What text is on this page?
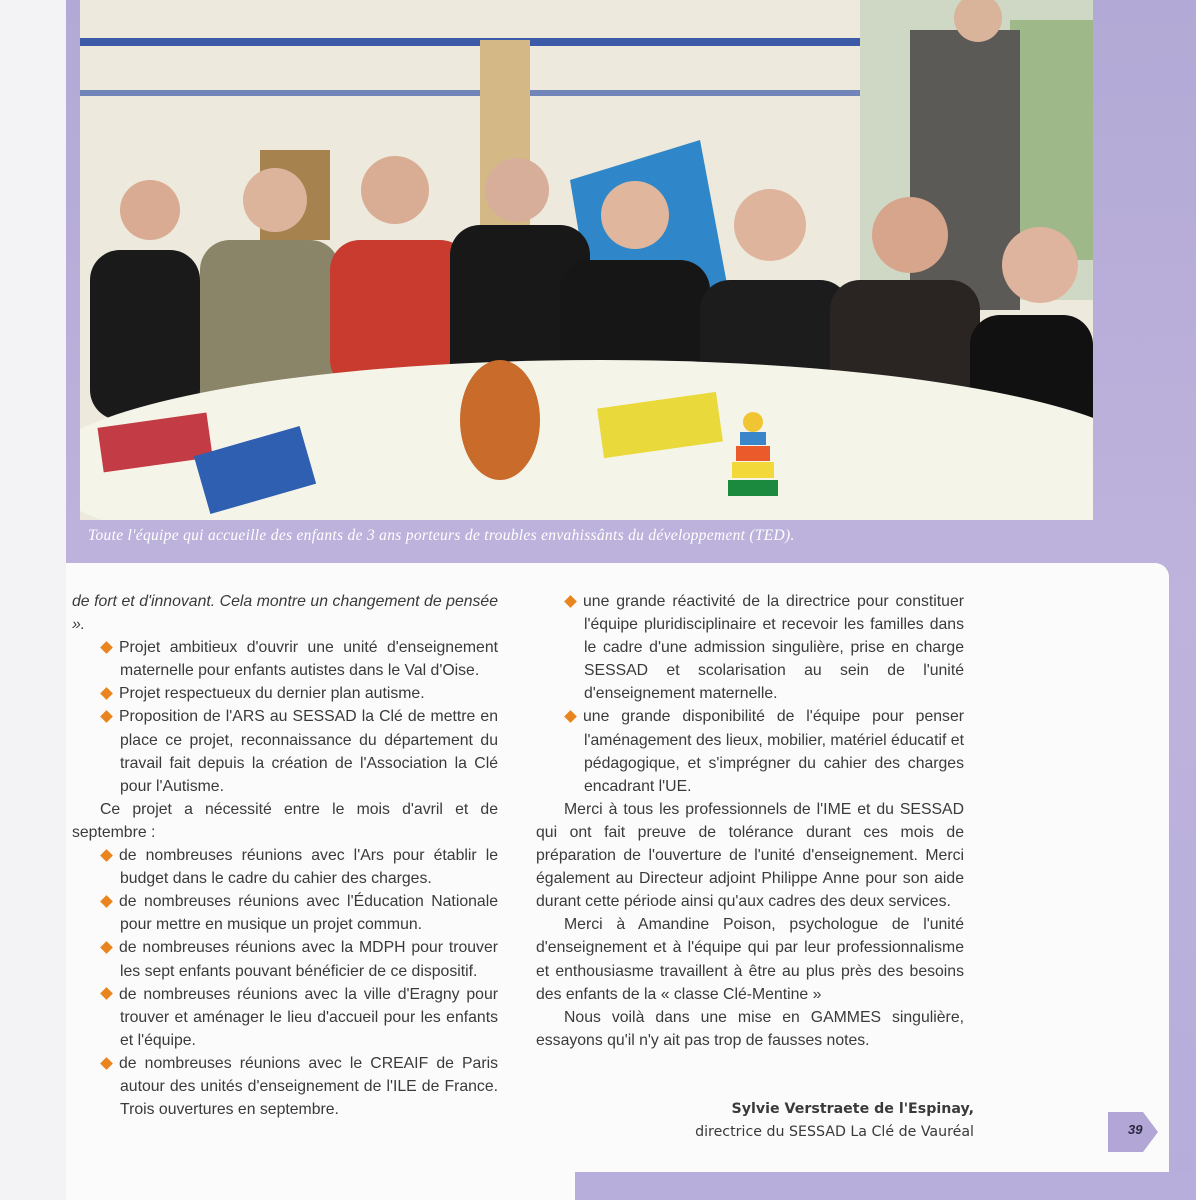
Toute l'équipe qui accueille des enfants de 3 ans porteurs de troubles envahissânts du développement (TED).
39

de fort et d'innovant. Cela montre un changement de pensée ».

Projet ambitieux d'ouvrir une unité d'enseignement maternelle pour enfants autistes dans le Val d'Oise.

Projet respectueux du dernier plan autisme.

Proposition de l'ARS au SESSAD la Clé de mettre en place ce projet, reconnaissance du département du travail fait depuis la création de l'Association la Clé pour l'Autisme.

Ce projet a nécessité entre le mois d'avril et de septembre :

de nombreuses réunions avec l'Ars pour établir le budget dans le cadre du cahier des charges.

de nombreuses réunions avec l'Éducation Nationale pour mettre en musique un projet commun.

de nombreuses réunions avec la MDPH pour trouver les sept enfants pouvant bénéficier de ce dispositif.

de nombreuses réunions avec la ville d'Eragny pour trouver et aménager le lieu d'accueil pour les enfants et l'équipe.

de nombreuses réunions avec le CREAIF de Paris autour des unités d'enseignement de l'ILE de France. Trois ouvertures en septembre.

une grande réactivité de la directrice pour constituer l'équipe pluridisciplinaire et recevoir les familles dans le cadre d'une admission singulière, prise en charge SESSAD et scolarisation au sein de l'unité d'enseignement maternelle.

une grande disponibilité de l'équipe pour penser l'aménagement des lieux, mobilier, matériel éducatif et pédagogique, et s'imprégner du cahier des charges encadrant l'UE.

Merci à tous les professionnels de l'IME et du SESSAD qui ont fait preuve de tolérance durant ces mois de préparation de l'ouverture de l'unité d'enseignement. Merci également au Directeur adjoint Philippe Anne pour son aide durant cette période ainsi qu'aux cadres des deux services.

Merci à Amandine Poison, psychologue de l'unité d'enseignement et à l'équipe qui par leur professionnalisme et enthousiasme travaillent à être au plus près des besoins des enfants de la « classe Clé-Mentine »

Nous voilà dans une mise en GAMMES singulière, essayons qu'il n'y ait pas trop de fausses notes.

Sylvie Verstraete de l'Espinay,
directrice du SESSAD La Clé de Vauréal
